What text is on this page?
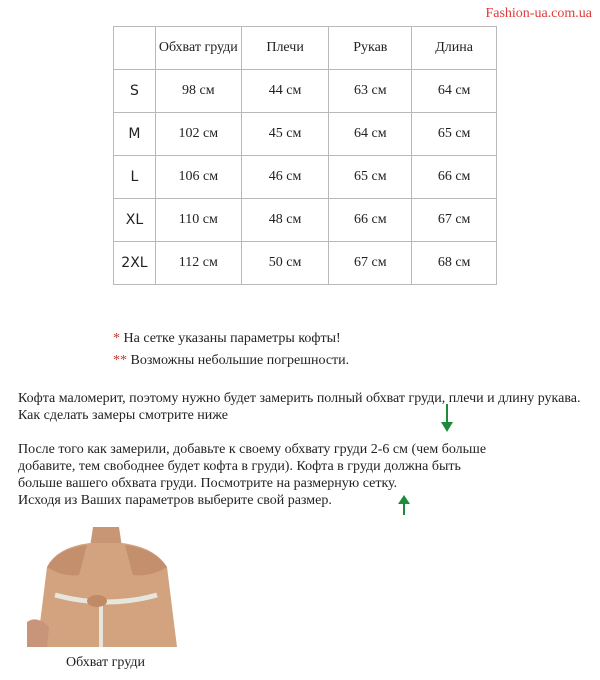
Fashion-ua.com.ua
	Обхват груди	Плечи	Рукав	Длина
S	98 см	44 см	63 см	64 см
M	102 см	45 см	64 см	65 см
L	106 см	46 см	65 см	66 см
XL	110 см	48 см	66 см	67 см
2XL	112 см	50 см	67 см	68 см

* На сетке указаны параметры кофты!

** Возможны небольшие погрешности.

Кофта маломерит, поэтому нужно будет замерить полный обхват груди, плечи и длину рукава. Как сделать замеры смотрите ниже
После того как замерили, добавьте к своему обхвату груди 2-6 см (чем больше
добавите, тем свободнее будет кофта в груди). Кофта в груди должна быть
больше вашего обхвата груди. Посмотрите на размерную сетку.
Исходя из Ваших параметров выберите свой размер.
Обхват груди
